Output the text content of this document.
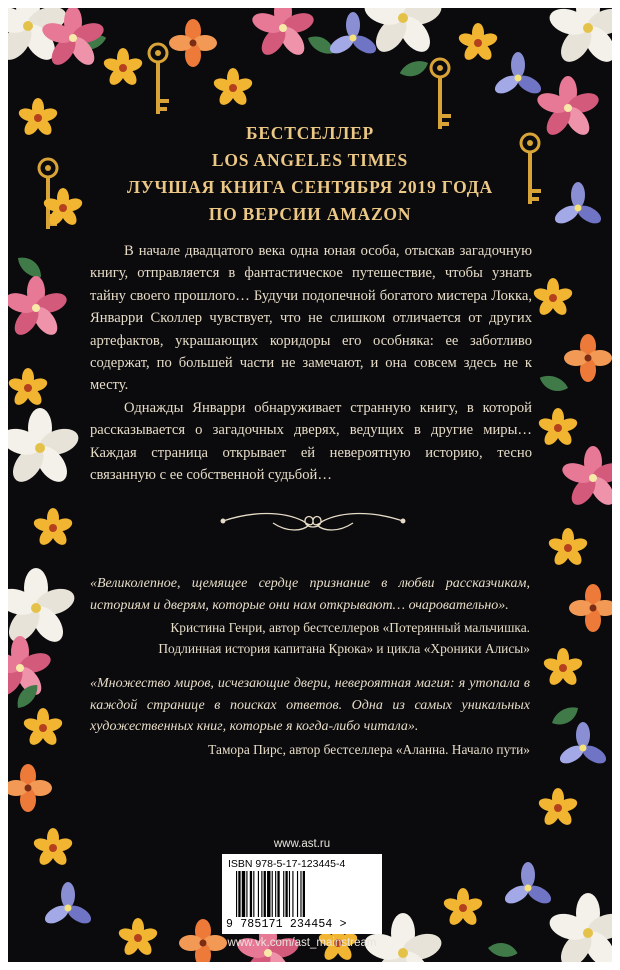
БЕСТСЕЛЛЕР
LOS ANGELES TIMES
ЛУЧШАЯ КНИГА СЕНТЯБРЯ 2019 ГОДА
ПО ВЕРСИИ AMAZON

В начале двадцатого века одна юная особа, отыскав загадочную книгу, отправляется в фантастическое путешествие, чтобы узнать тайну своего прошлого… Будучи подопечной богатого мистера Локка, Январри Сколлер чувствует, что не слишком отличается от других артефактов, украшающих коридоры его особняка: ее заботливо содержат, по большей части не замечают, и она совсем здесь не к месту.

Однажды Январри обнаруживает странную книгу, в которой рассказывается о загадочных дверях, ведущих в другие миры… Каждая страница открывает ей невероятную историю, тесно связанную с ее собственной судьбой…

«Великолепное, щемящее сердце признание в любви рассказчикам, историям и дверям, которые они нам открывают… очаровательно».

Кристина Генри, автор бестселлеров «Потерянный мальчишка.
Подлинная история капитана Крюка» и цикла «Хроники Алисы»

«Множество миров, исчезающие двери, невероятная магия: я утопала в каждой странице в поисках ответов. Одна из самых уникальных художественных книг, которые я когда-либо читала».

Тамора Пирс, автор бестселлера «Аланна. Начало пути»

www.ast.ru

ISBN 978-5-17-123445-4
9 785171 234454 >

www.vk.com/ast_mainstream
